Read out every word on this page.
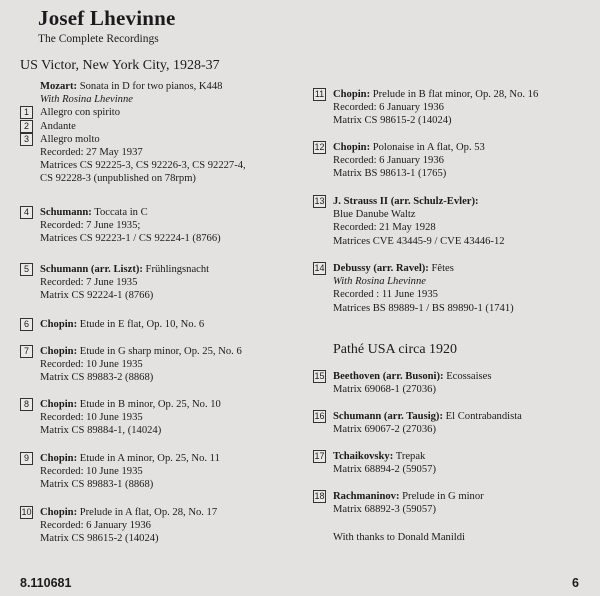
Josef Lhevinne
The Complete Recordings
US Victor, New York City, 1928-37
Mozart: Sonata in D for two pianos, K448
With Rosina Lhevinne
1	Allegro con spirito
2	Andante
3	Allegro molto
Recorded: 27 May 1937
Matrices CS 92225-3, CS 92226-3, CS 92227-4,
CS 92228-3 (unpublished on 78rpm)
4	Schumann: Toccata in C
Recorded: 7 June 1935;
Matrices CS 92223-1 / CS 92224-1 (8766)
5	Schumann (arr. Liszt): Frühlingsnacht
Recorded: 7 June 1935
Matrix CS 92224-1 (8766)
6	Chopin: Etude in E flat, Op. 10, No. 6
7	Chopin: Etude in G sharp minor, Op. 25, No. 6
Recorded: 10 June 1935
Matrix CS 89883-2 (8868)
8	Chopin: Etude in B minor, Op. 25, No. 10
Recorded: 10 June 1935
Matrix CS 89884-1, (14024)
9	Chopin: Etude in A minor, Op. 25, No. 11
Recorded: 10 June 1935
Matrix CS 89883-1 (8868)
10 Chopin: Prelude in A flat, Op. 28, No. 17
Recorded: 6 January 1936
Matrix CS 98615-2 (14024)
11 Chopin: Prelude in B flat minor, Op. 28, No. 16
Recorded: 6 January 1936
Matrix CS 98615-2 (14024)
12 Chopin: Polonaise in A flat, Op. 53
Recorded: 6 January 1936
Matrix BS 98613-1 (1765)
13 J. Strauss II (arr. Schulz-Evler):
Blue Danube Waltz
Recorded: 21 May 1928
Matrices CVE 43445-9 / CVE 43446-12
14 Debussy (arr. Ravel): Fêtes
With Rosina Lhevinne
Recorded : 11 June 1935
Matrices BS 89889-1 / BS 89890-1 (1741)
Pathé USA circa 1920
15 Beethoven (arr. Busoni): Ecossaises
Matrix 69068-1 (27036)
16 Schumann (arr. Tausig): El Contrabandista
Matrix 69067-2 (27036)
17 Tchaikovsky: Trepak
Matrix 68894-2 (59057)
18 Rachmaninov: Prelude in G minor
Matrix 68892-3 (59057)
With thanks to Donald Manildi
8.110681	6
